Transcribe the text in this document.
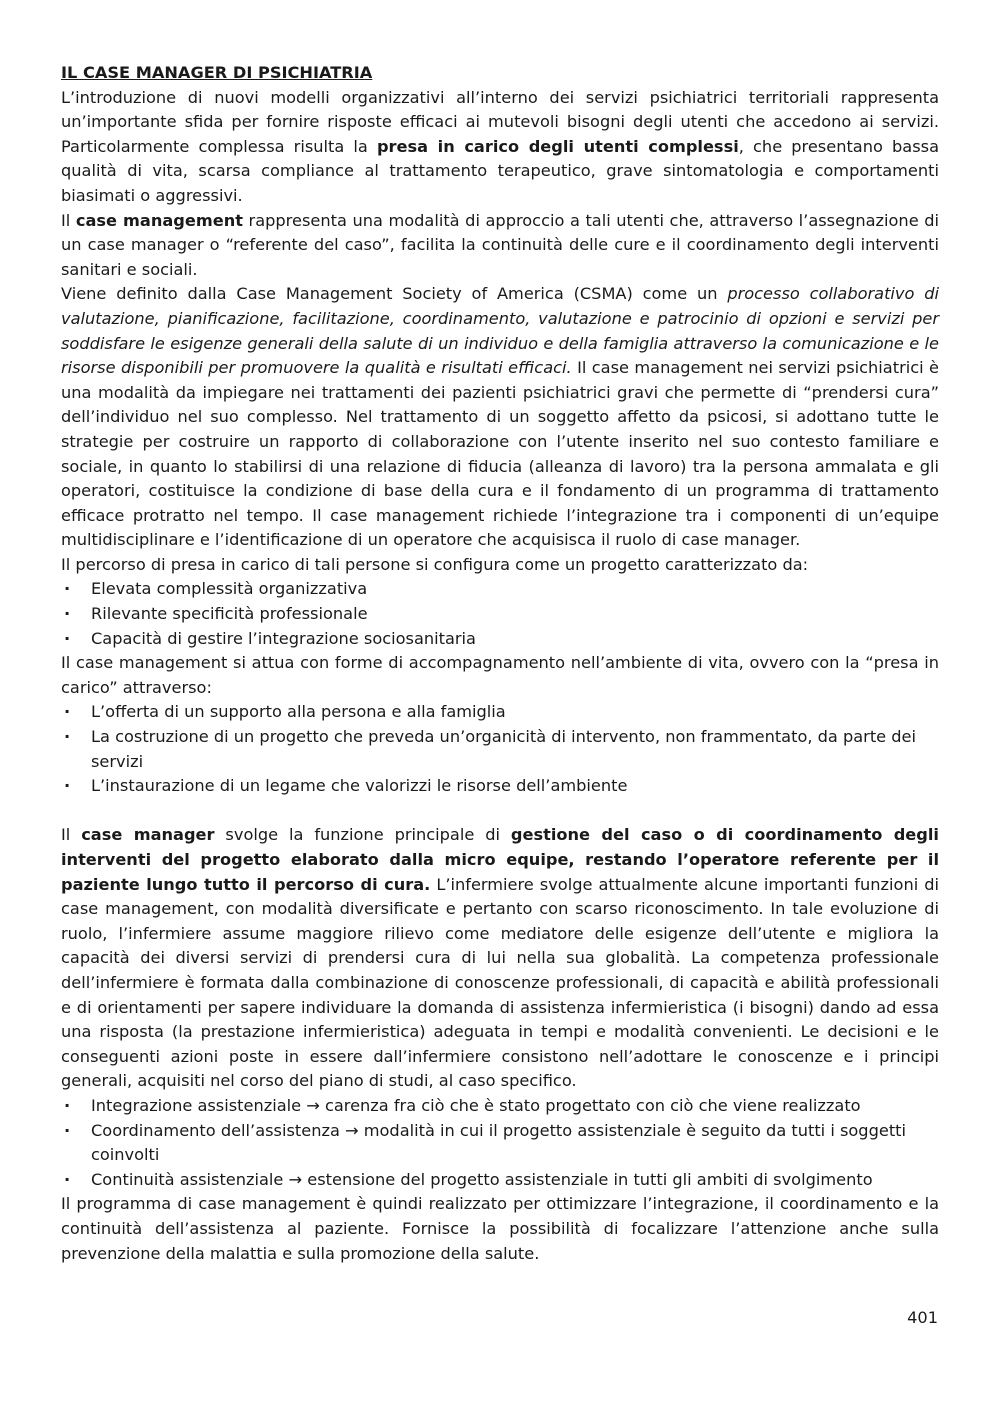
IL CASE MANAGER DI PSICHIATRIA

L’introduzione di nuovi modelli organizzativi all’interno dei servizi psichiatrici territoriali rappresenta un’importante sfida per fornire risposte efficaci ai mutevoli bisogni degli utenti che accedono ai servizi. Particolarmente complessa risulta la presa in carico degli utenti complessi, che presentano bassa qualità di vita, scarsa compliance al trattamento terapeutico, grave sintomatologia e comportamenti biasimati o aggressivi.

Il case management rappresenta una modalità di approccio a tali utenti che, attraverso l’assegnazione di un case manager o “referente del caso”, facilita la continuità delle cure e il coordinamento degli interventi sanitari e sociali.

Viene definito dalla Case Management Society of America (CSMA) come un processo collaborativo di valutazione, pianificazione, facilitazione, coordinamento, valutazione e patrocinio di opzioni e servizi per soddisfare le esigenze generali della salute di un individuo e della famiglia attraverso la comunicazione e le risorse disponibili per promuovere la qualità e risultati efficaci. Il case management nei servizi psichiatrici è una modalità da impiegare nei trattamenti dei pazienti psichiatrici gravi che permette di “prendersi cura” dell’individuo nel suo complesso. Nel trattamento di un soggetto affetto da psicosi, si adottano tutte le strategie per costruire un rapporto di collaborazione con l’utente inserito nel suo contesto familiare e sociale, in quanto lo stabilirsi di una relazione di fiducia (alleanza di lavoro) tra la persona ammalata e gli operatori, costituisce la condizione di base della cura e il fondamento di un programma di trattamento efficace protratto nel tempo. Il case management richiede l’integrazione tra i componenti di un’equipe multidisciplinare e l’identificazione di un operatore che acquisisca il ruolo di case manager.

Il percorso di presa in carico di tali persone si configura come un progetto caratterizzato da:

· Elevata complessità organizzativa
· Rilevante specificità professionale
· Capacità di gestire l’integrazione sociosanitaria

Il case management si attua con forme di accompagnamento nell’ambiente di vita, ovvero con la “presa in carico” attraverso:

· L’offerta di un supporto alla persona e alla famiglia
· La costruzione di un progetto che preveda un’organicità di intervento, non frammentato, da parte dei servizi
· L’instaurazione di un legame che valorizzi le risorse dell’ambiente

Il case manager svolge la funzione principale di gestione del caso o di coordinamento degli interventi del progetto elaborato dalla micro equipe, restando l’operatore referente per il paziente lungo tutto il percorso di cura. L’infermiere svolge attualmente alcune importanti funzioni di case management, con modalità diversificate e pertanto con scarso riconoscimento. In tale evoluzione di ruolo, l’infermiere assume maggiore rilievo come mediatore delle esigenze dell’utente e migliora la capacità dei diversi servizi di prendersi cura di lui nella sua globalità. La competenza professionale dell’infermiere è formata dalla combinazione di conoscenze professionali, di capacità e abilità professionali e di orientamenti per sapere individuare la domanda di assistenza infermieristica (i bisogni) dando ad essa una risposta (la prestazione infermieristica) adeguata in tempi e modalità convenienti. Le decisioni e le conseguenti azioni poste in essere dall’infermiere consistono nell’adottare le conoscenze e i principi generali, acquisiti nel corso del piano di studi, al caso specifico.

· Integrazione assistenziale → carenza fra ciò che è stato progettato con ciò che viene realizzato
· Coordinamento dell’assistenza → modalità in cui il progetto assistenziale è seguito da tutti i soggetti coinvolti
· Continuità assistenziale → estensione del progetto assistenziale in tutti gli ambiti di svolgimento

Il programma di case management è quindi realizzato per ottimizzare l’integrazione, il coordinamento e la continuità dell’assistenza al paziente. Fornisce la possibilità di focalizzare l’attenzione anche sulla prevenzione della malattia e sulla promozione della salute.

401
